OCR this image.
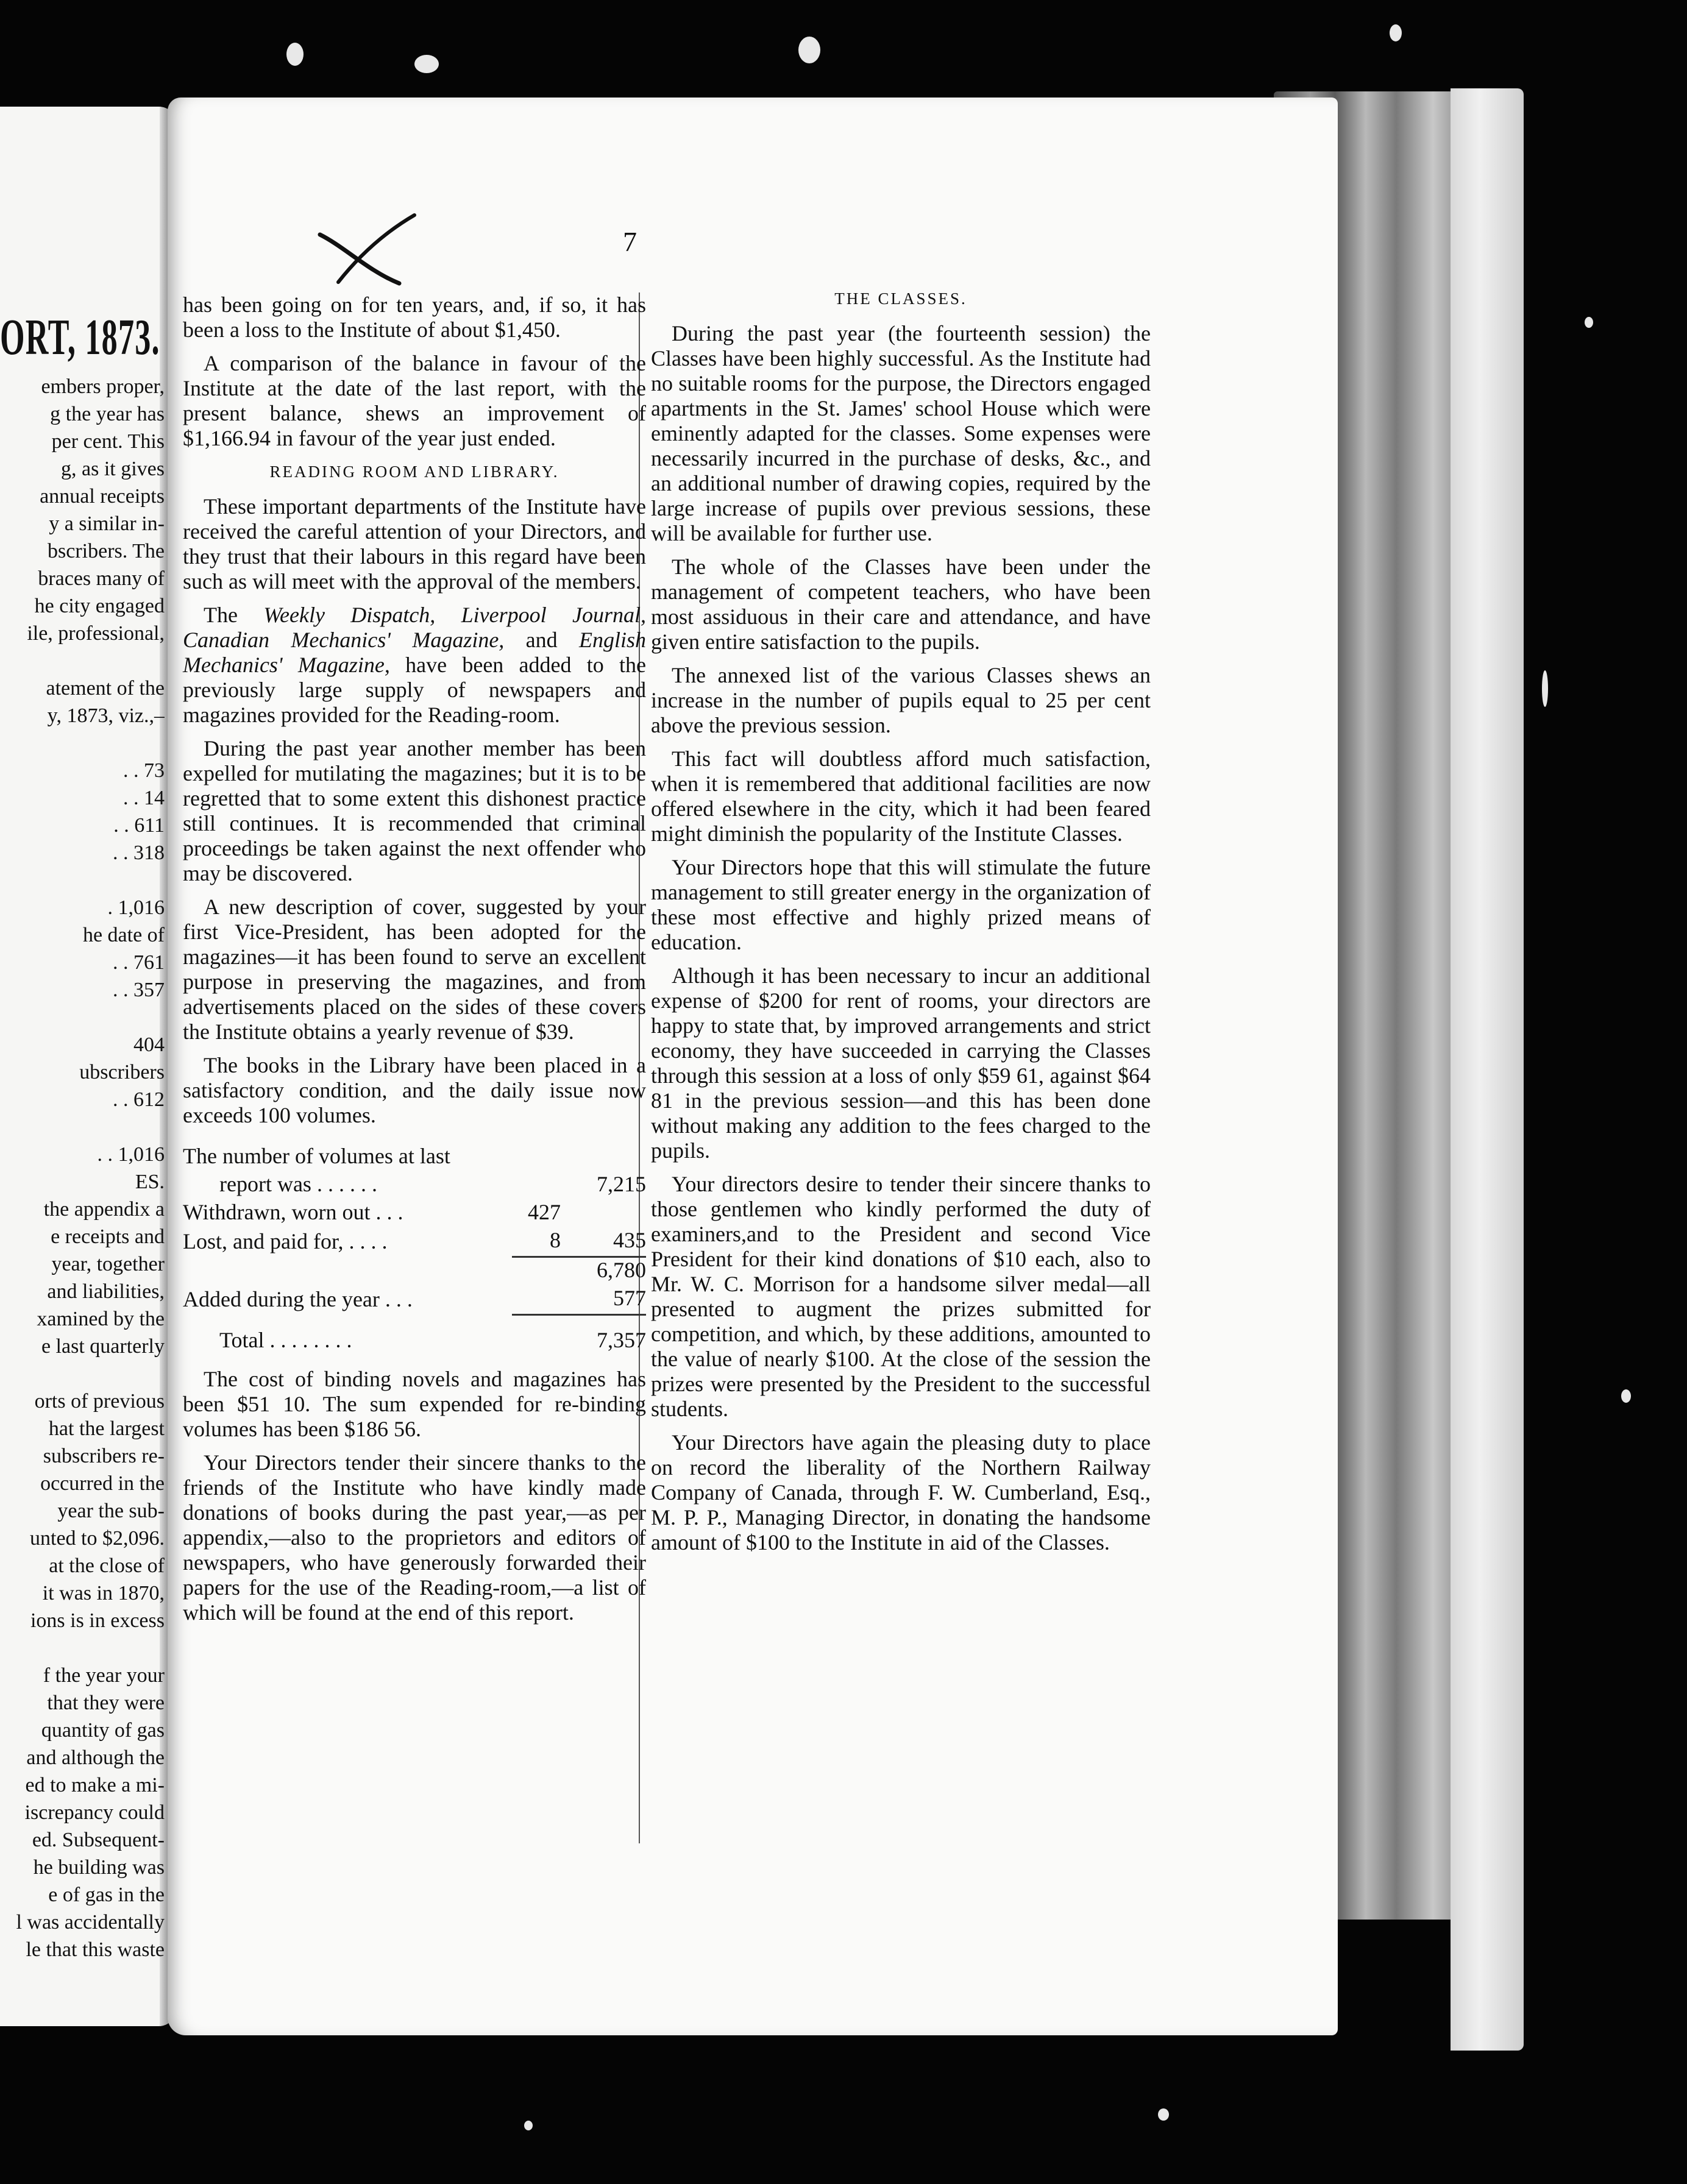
ORT, 1873.
embers proper,
g the year has
per cent. This
g, as it gives
annual receipts
y a similar in-
bscribers. The
braces many of
he city engaged
ile, professional,
atement of the
y, 1873, viz.,–
. . 73
. . 14
. . 611
. . 318
. 1,016
he date of
. . 761
. . 357
404
ubscribers
. . 612
. . 1,016
ES.
the appendix a
e receipts and
year, together
and liabilities,
xamined by the
e last quarterly
orts of previous
hat the largest
subscribers re-
occurred in the
year the sub-
unted to $2,096.
at the close of
it was in 1870,
ions is in excess
f the year your
that they were
quantity of gas
and although the
ed to make a mi-
iscrepancy could
ed. Subsequent-
he building was
e of gas in the
l was accidentally
le that this waste
7

has been going on for ten years, and, if so, it has been a loss to the Institute of about $1,450.

A comparison of the balance in favour of the Institute at the date of the last report, with the present balance, shews an improvement of $1,166.94 in favour of the year just ended.

READING ROOM AND LIBRARY.

These important departments of the Institute have received the careful attention of your Directors, and they trust that their labours in this regard have been such as will meet with the approval of the members.

The Weekly Dispatch, Liverpool Journal, Canadian Mechanics' Magazine, and English Mechanics' Magazine, have been added to the previously large supply of newspapers and magazines provided for the Reading-room.

During the past year another member has been expelled for mutilating the magazines; but it is to be regretted that to some extent this dishonest practice still continues. It is recommended that criminal proceedings be taken against the next offender who may be discovered.

A new description of cover, suggested by your first Vice-President, has been adopted for the magazines—it has been found to serve an excellent purpose in preserving the magazines, and from advertisements placed on the sides of these covers the Institute obtains a yearly revenue of $39.

The books in the Library have been placed in a satisfactory condition, and the daily issue now exceeds 100 volumes.

The number of volumes at last		
report was . . . . . .		7,215
Withdrawn, worn out . . .	427	
Lost, and paid for, . . . .	8	435
		6,780
Added during the year . . .		577
Total . . . . . . . .		7,357

The cost of binding novels and magazines has been $51 10. The sum expended for re-binding volumes has been $186 56.

Your Directors tender their sincere thanks to the friends of the Institute who have kindly made donations of books during the past year,—as per appendix,—also to the proprietors and editors of newspapers, who have generously forwarded their papers for the use of the Reading-room,—a list of which will be found at the end of this report.

THE CLASSES.

During the past year (the fourteenth session) the Classes have been highly successful. As the Institute had no suitable rooms for the purpose, the Directors engaged apartments in the St. James' school House which were eminently adapted for the classes. Some expenses were necessarily incurred in the purchase of desks, &c., and an additional number of drawing copies, required by the large increase of pupils over previous sessions, these will be available for further use.

The whole of the Classes have been under the management of competent teachers, who have been most assiduous in their care and attendance, and have given entire satisfaction to the pupils.

The annexed list of the various Classes shews an increase in the number of pupils equal to 25 per cent above the previous session.

This fact will doubtless afford much satisfaction, when it is remembered that additional facilities are now offered elsewhere in the city, which it had been feared might diminish the popularity of the Institute Classes.

Your Directors hope that this will stimulate the future management to still greater energy in the organization of these most effective and highly prized means of education.

Although it has been necessary to incur an additional expense of $200 for rent of rooms, your directors are happy to state that, by improved arrangements and strict economy, they have succeeded in carrying the Classes through this session at a loss of only $59 61, against $64 81 in the previous session—and this has been done without making any addition to the fees charged to the pupils.

Your directors desire to tender their sincere thanks to those gentlemen who kindly performed the duty of examiners,and to the President and second Vice President for their kind donations of $10 each, also to Mr. W. C. Morrison for a handsome silver medal—all presented to augment the prizes submitted for competition, and which, by these additions, amounted to the value of nearly $100. At the close of the session the prizes were presented by the President to the successful students.

Your Directors have again the pleasing duty to place on record the liberality of the Northern Railway Company of Canada, through F. W. Cumberland, Esq., M. P. P., Managing Director, in donating the handsome amount of $100 to the Institute in aid of the Classes.
